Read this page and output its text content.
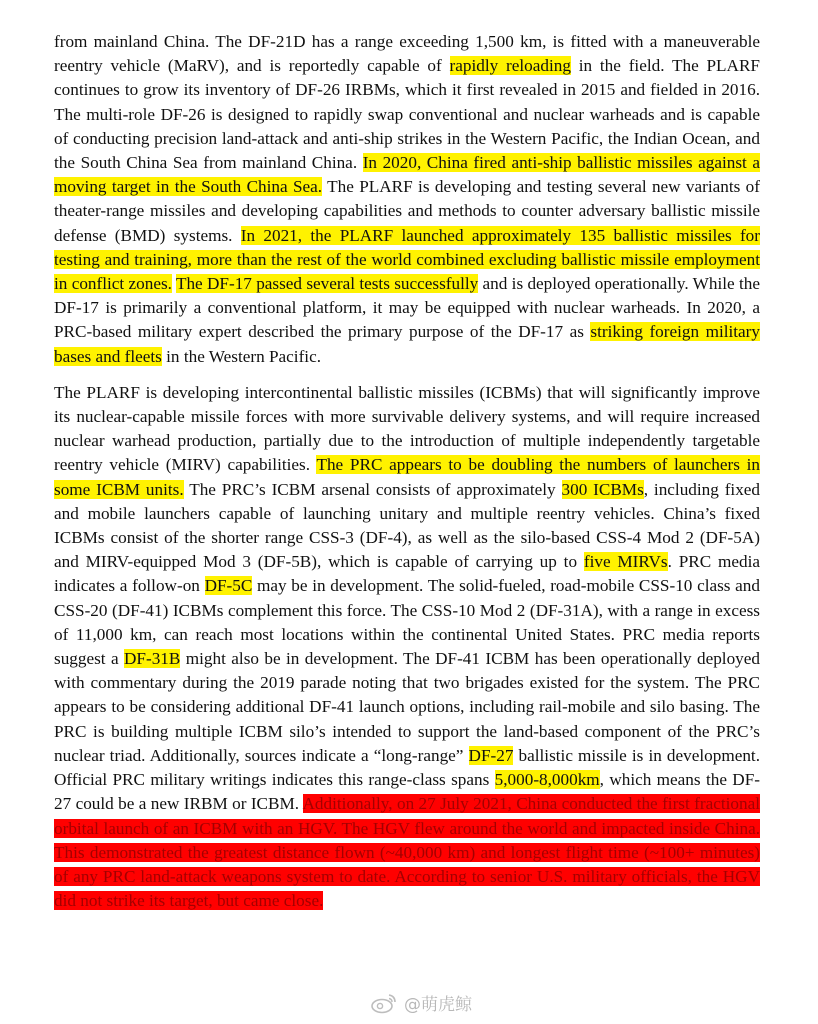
from mainland China. The DF-21D has a range exceeding 1,500 km, is fitted with a maneuverable reentry vehicle (MaRV), and is reportedly capable of rapidly reloading in the field. The PLARF continues to grow its inventory of DF-26 IRBMs, which it first revealed in 2015 and fielded in 2016. The multi-role DF-26 is designed to rapidly swap conventional and nuclear warheads and is capable of conducting precision land-attack and anti-ship strikes in the Western Pacific, the Indian Ocean, and the South China Sea from mainland China. In 2020, China fired anti-ship ballistic missiles against a moving target in the South China Sea. The PLARF is developing and testing several new variants of theater-range missiles and developing capabilities and methods to counter adversary ballistic missile defense (BMD) systems. In 2021, the PLARF launched approximately 135 ballistic missiles for testing and training, more than the rest of the world combined excluding ballistic missile employment in conflict zones. The DF-17 passed several tests successfully and is deployed operationally. While the DF-17 is primarily a conventional platform, it may be equipped with nuclear warheads. In 2020, a PRC-based military expert described the primary purpose of the DF-17 as striking foreign military bases and fleets in the Western Pacific.

The PLARF is developing intercontinental ballistic missiles (ICBMs) that will significantly improve its nuclear-capable missile forces with more survivable delivery systems, and will require increased nuclear warhead production, partially due to the introduction of multiple independently targetable reentry vehicle (MIRV) capabilities. The PRC appears to be doubling the numbers of launchers in some ICBM units. The PRC’s ICBM arsenal consists of approximately 300 ICBMs, including fixed and mobile launchers capable of launching unitary and multiple reentry vehicles. China’s fixed ICBMs consist of the shorter range CSS-3 (DF-4), as well as the silo-based CSS-4 Mod 2 (DF-5A) and MIRV-equipped Mod 3 (DF-5B), which is capable of carrying up to five MIRVs. PRC media indicates a follow-on DF-5C may be in development. The solid-fueled, road-mobile CSS-10 class and CSS-20 (DF-41) ICBMs complement this force. The CSS-10 Mod 2 (DF-31A), with a range in excess of 11,000 km, can reach most locations within the continental United States. PRC media reports suggest a DF-31B might also be in development. The DF-41 ICBM has been operationally deployed with commentary during the 2019 parade noting that two brigades existed for the system. The PRC appears to be considering additional DF-41 launch options, including rail-mobile and silo basing. The PRC is building multiple ICBM silo’s intended to support the land-based component of the PRC’s nuclear triad. Additionally, sources indicate a “long-range” DF-27 ballistic missile is in development. Official PRC military writings indicates this range-class spans 5,000-8,000km, which means the DF-27 could be a new IRBM or ICBM. Additionally, on 27 July 2021, China conducted the first fractional orbital launch of an ICBM with an HGV. The HGV flew around the world and impacted inside China. This demonstrated the greatest distance flown (~40,000 km) and longest flight time (~100+ minutes) of any PRC land-attack weapons system to date. According to senior U.S. military officials, the HGV did not strike its target, but came close.

@萌虎鲸
